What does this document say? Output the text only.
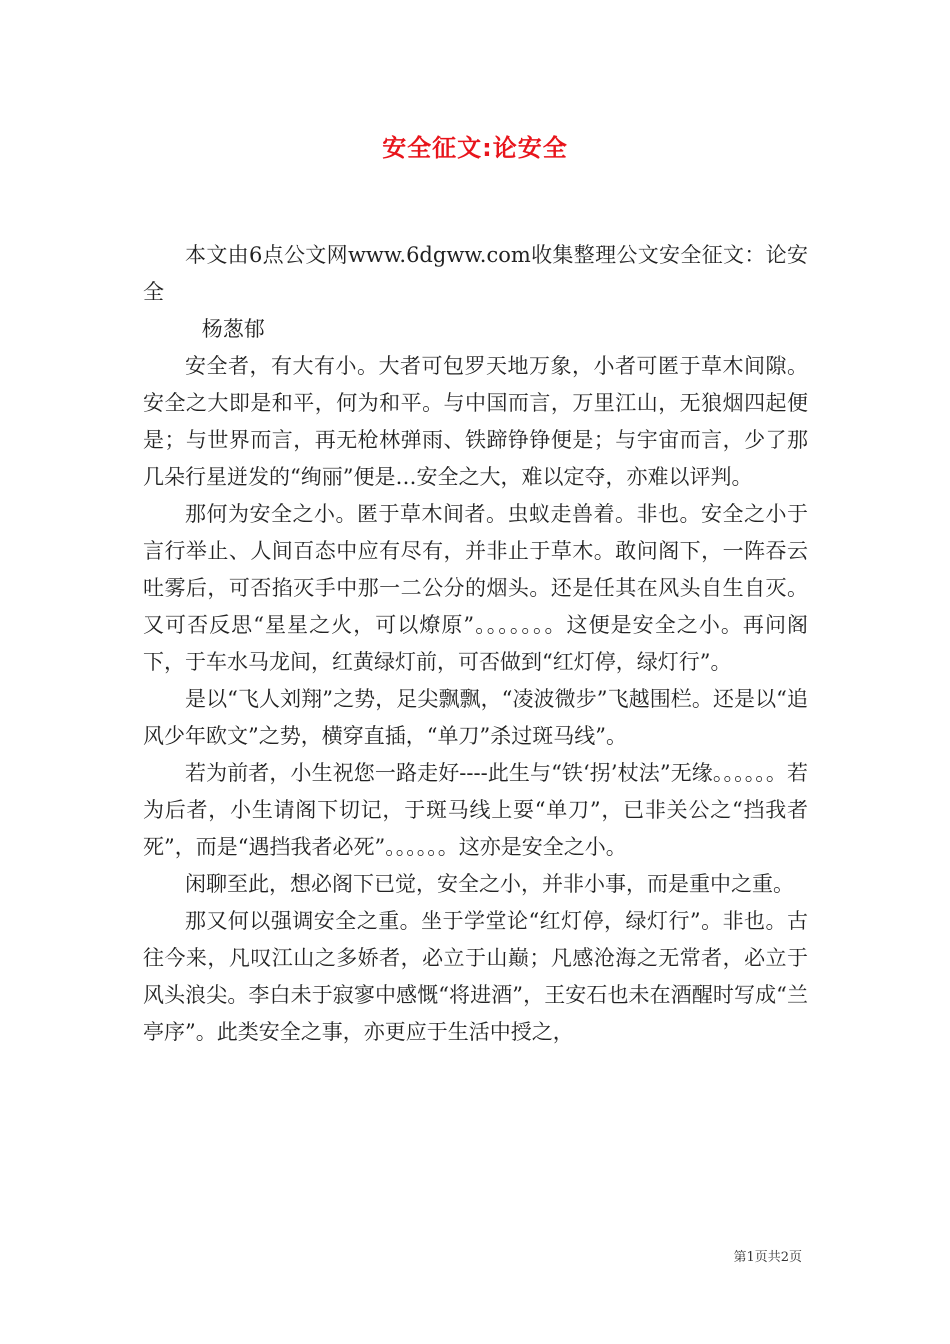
安全征文:论安全

本文由6点公文网www.6dgww.com收集整理公文安全征文：论安全

杨葱郁

安全者，有大有小。大者可包罗天地万象，小者可匿于草木间隙。安全之大即是和平，何为和平。与中国而言，万里江山，无狼烟四起便是；与世界而言，再无枪林弹雨、铁蹄铮铮便是；与宇宙而言，少了那几朵行星迸发的“绚丽”便是…安全之大，难以定夺，亦难以评判。

那何为安全之小。匿于草木间者。虫蚁走兽着。非也。安全之小于言行举止、人间百态中应有尽有，并非止于草木。敢问阁下，一阵吞云吐雾后，可否掐灭手中那一二公分的烟头。还是任其在风头自生自灭。又可否反思“星星之火，可以燎原”。。。。。。。这便是安全之小。再问阁下，于车水马龙间，红黄绿灯前，可否做到“红灯停，绿灯行”。

是以“飞人刘翔”之势，足尖飘飘，“凌波微步”飞越围栏。还是以“追风少年欧文”之势，横穿直插，“单刀”杀过斑马线”。

若为前者，小生祝您一路走好----此生与“铁‘拐’杖法”无缘。。。。。。若为后者，小生请阁下切记，于斑马线上耍“单刀”，已非关公之“挡我者死”，而是“遇挡我者必死”。。。。。。这亦是安全之小。

闲聊至此，想必阁下已觉，安全之小，并非小事，而是重中之重。

那又何以强调安全之重。坐于学堂论“红灯停，绿灯行”。非也。古往今来，凡叹江山之多娇者，必立于山巅；凡感沧海之无常者，必立于风头浪尖。李白未于寂寥中感慨“将进酒”，王安石也未在酒醒时写成“兰亭序”。此类安全之事，亦更应于生活中授之，

第1页共2页
